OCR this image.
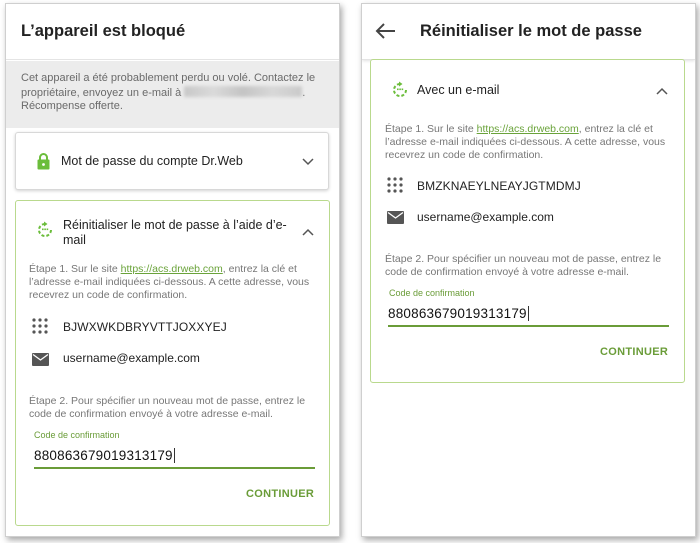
L’appareil est bloqué
Cet appareil a été probablement perdu ou volé. Contactez le propriétaire, envoyez un e-mail à	. Récompense offerte.
Mot de passe du compte Dr.Web
Réinitialiser le mot de passe à l’aide d’e-mail
Étape 1. Sur le site https://acs.drweb.com, entrez la clé et l’adresse e-mail indiquées ci-dessous. A cette adresse, vous recevrez un code de confirmation.
BJWXWKDBRYVTTJOXXYEJ
username@example.com
Étape 2. Pour spécifier un nouveau mot de passe, entrez le code de confirmation envoyé à votre adresse e-mail.
Code de confirmation
880863679019313179
CONTINUER
Réinitialiser le mot de passe
Avec un e-mail
Étape 1. Sur le site https://acs.drweb.com, entrez la clé et l’adresse e-mail indiquées ci-dessous. A cette adresse, vous recevrez un code de confirmation.
BMZKNAEYLNEAYJGTMDMJ
username@example.com
Étape 2. Pour spécifier un nouveau mot de passe, entrez le code de confirmation envoyé à votre adresse e-mail.
Code de confirmation
880863679019313179
CONTINUER
